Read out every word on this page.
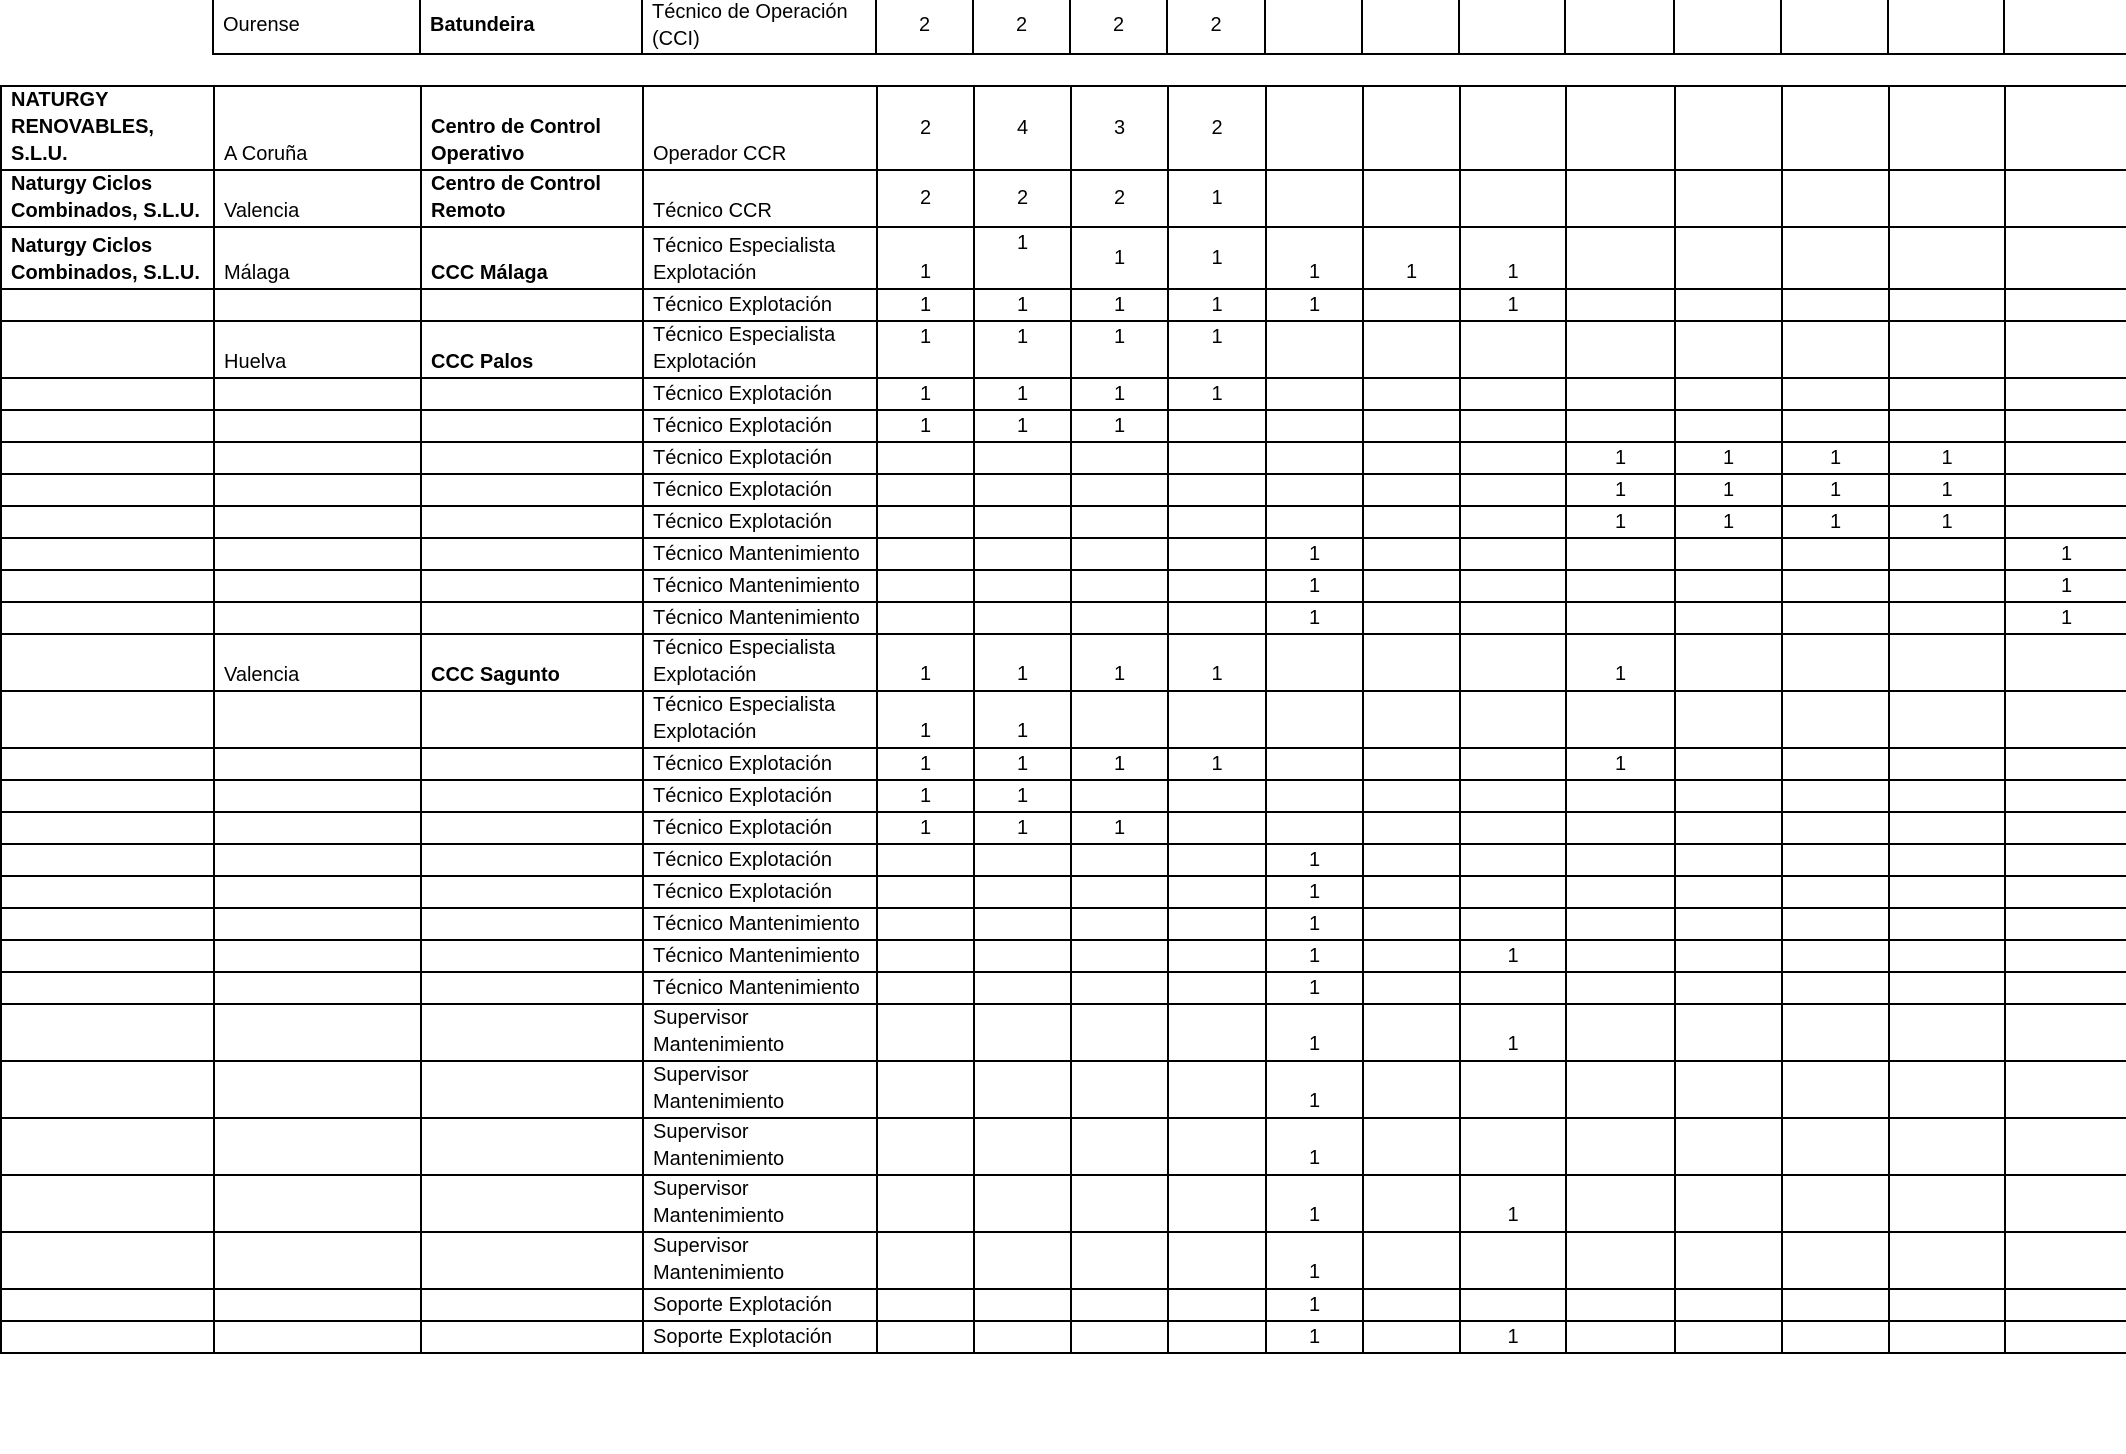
	Ourense	Batundeira	Técnico de Operación (CCI)	2	2	2	2								
NATURGY RENOVABLES, S.L.U.	A Coruña	Centro de Control Operativo	Operador CCR	2	4	3	2								
Naturgy Ciclos Combinados, S.L.U.	Valencia	Centro de Control Remoto	Técnico CCR	2	2	2	1								
Naturgy Ciclos Combinados, S.L.U.	Málaga	CCC Málaga	Técnico Especialista Explotación	1	1	1	1	1	1	1					
			Técnico Explotación	1	1	1	1	1		1					
	Huelva	CCC Palos	Técnico Especialista Explotación	1	1	1	1								
			Técnico Explotación	1	1	1	1								
			Técnico Explotación	1	1	1									
			Técnico Explotación								1	1	1	1	
			Técnico Explotación								1	1	1	1	
			Técnico Explotación								1	1	1	1	
			Técnico Mantenimiento					1							1
			Técnico Mantenimiento					1							1
			Técnico Mantenimiento					1							1
	Valencia	CCC Sagunto	Técnico Especialista Explotación	1	1	1	1				1				
			Técnico Especialista Explotación	1	1										
			Técnico Explotación	1	1	1	1				1				
			Técnico Explotación	1	1										
			Técnico Explotación	1	1	1									
			Técnico Explotación					1							
			Técnico Explotación					1							
			Técnico Mantenimiento					1							
			Técnico Mantenimiento					1		1					
			Técnico Mantenimiento					1							
			Supervisor Mantenimiento					1		1					
			Supervisor Mantenimiento					1							
			Supervisor Mantenimiento					1							
			Supervisor Mantenimiento					1		1					
			Supervisor Mantenimiento					1							
			Soporte Explotación					1							
			Soporte Explotación					1		1					
